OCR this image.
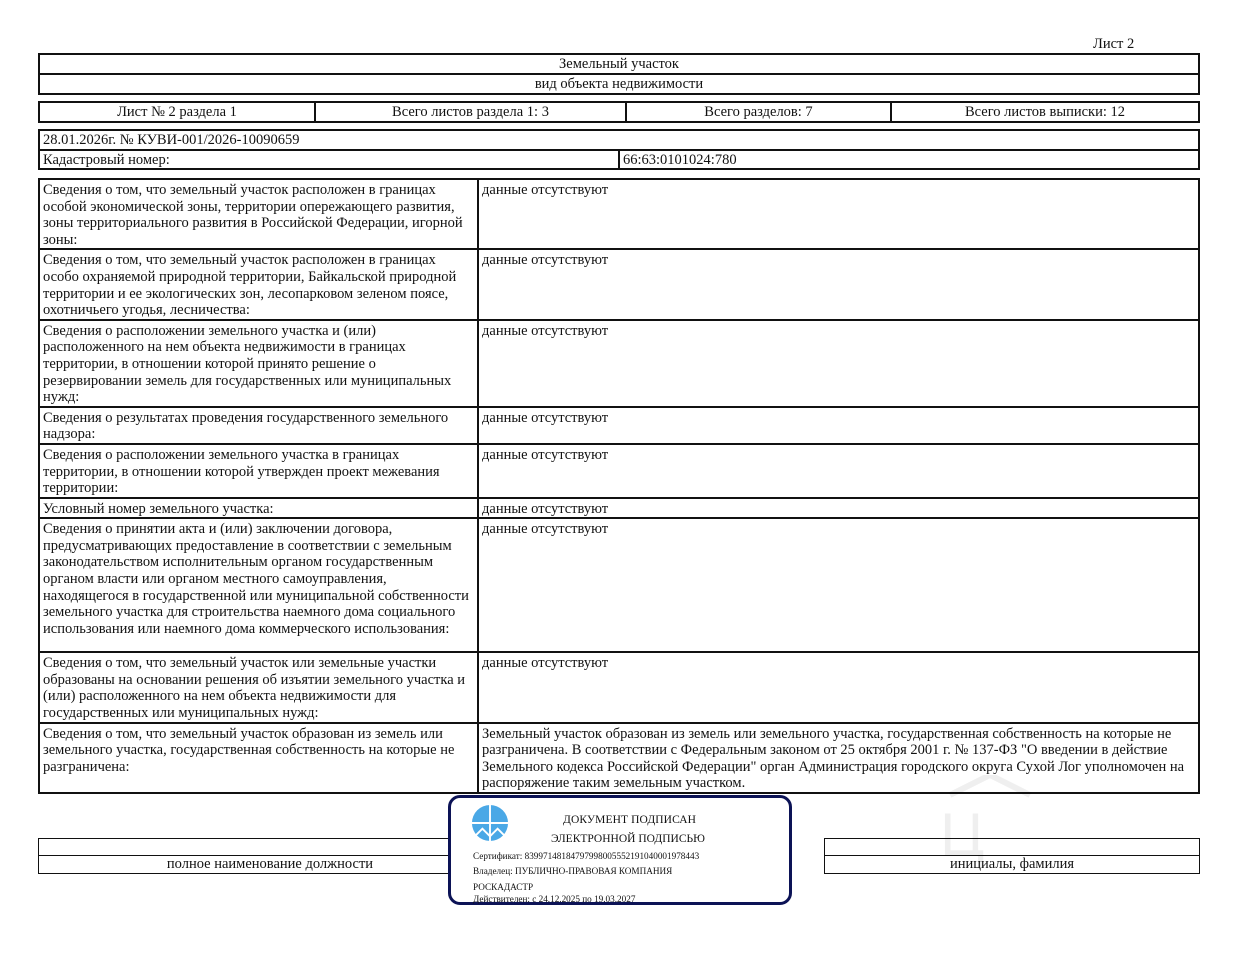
Лист 2
Земельный участок
вид объекта недвижимости
Лист № 2 раздела 1	Всего листов раздела 1: 3	Всего разделов: 7	Всего листов выписки: 12
28.01.2026г. № КУВИ-001/2026-10090659
Кадастровый номер:	66:63:0101024:780
Сведения о том, что земельный участок расположен в границах особой экономической зоны, территории опережающего развития, зоны территориального развития в Российской Федерации, игорной зоны:	данные отсутствуют
Сведения о том, что земельный участок расположен в границах особо охраняемой природной территории, Байкальской природной территории и ее экологических зон, лесопарковом зеленом поясе, охотничьего угодья, лесничества:	данные отсутствуют
Сведения о расположении земельного участка и (или) расположенного на нем объекта недвижимости в границах территории, в отношении которой принято решение о резервировании земель для государственных или муниципальных нужд:	данные отсутствуют
Сведения о результатах проведения государственного земельного надзора:	данные отсутствуют
Сведения о расположении земельного участка в границах территории, в отношении которой утвержден проект межевания территории:	данные отсутствуют
Условный номер земельного участка:	данные отсутствуют
Сведения о принятии акта и (или) заключении договора, предусматривающих предоставление в соответствии с земельным законодательством исполнительным органом государственным органом власти или органом местного самоуправления, находящегося в государственной или муниципальной собственности земельного участка для строительства наемного дома социального использования или наемного дома коммерческого использования:	данные отсутствуют
Сведения о том, что земельный участок или земельные участки образованы на основании решения об изъятии земельного участка и (или) расположенного на нем объекта недвижимости для государственных или муниципальных нужд:	данные отсутствуют
Сведения о том, что земельный участок образован из земель или земельного участка, государственная собственность на которые не разграничена:	Земельный участок образован из земель или земельного участка, государственная собственность на которые не разграничена. В соответствии с Федеральным законом от 25 октября 2001 г. № 137-ФЗ "О введении в действие Земельного кодекса Российской Федерации" орган Администрация городского округа Сухой Лог уполномочен на распоряжение таким земельным участком.

полное наименование должности		инициалы, фамилия
Ц
ДОКУМЕНТ ПОДПИСАН
ЭЛЕКТРОННОЙ ПОДПИСЬЮ
Сертификат: 83997148184797998005552191040001978443
Владелец: ПУБЛИЧНО-ПРАВОВАЯ КОМПАНИЯ
РОСКАДАСТР
Действителен: с 24.12.2025 по 19.03.2027
